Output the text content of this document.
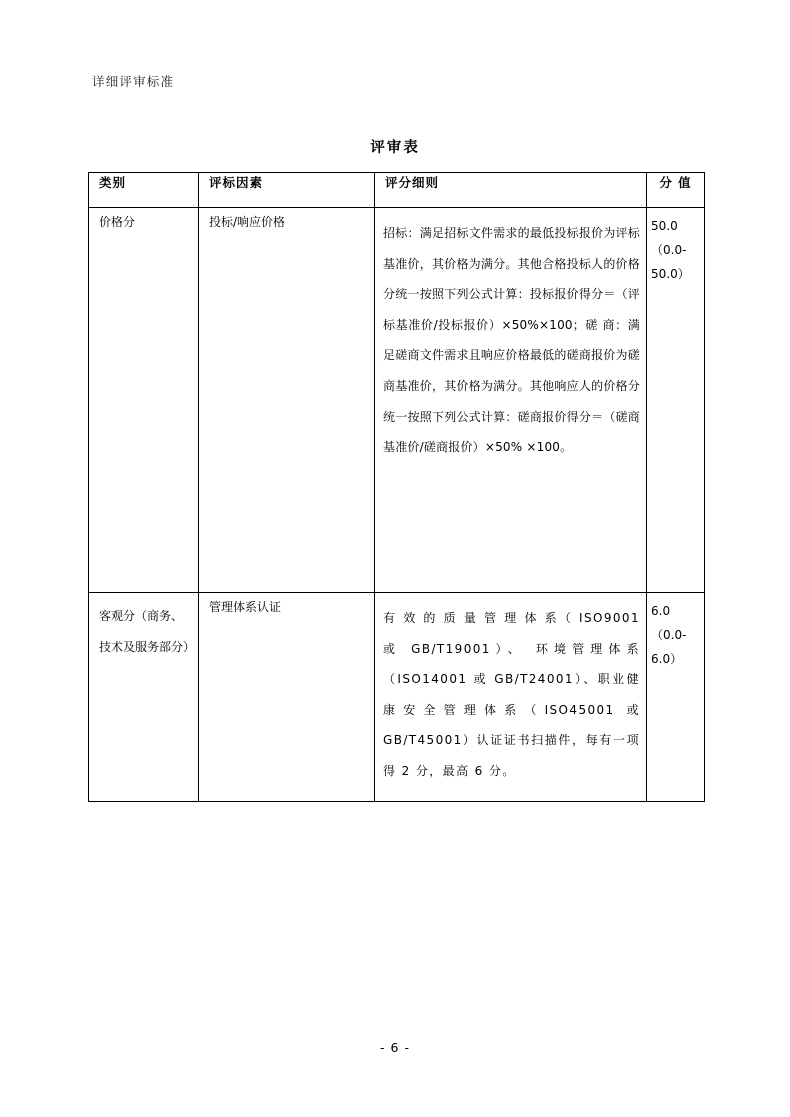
详细评审标准
评审表
类别	评标因素	评分细则	分 值

价格分	投标/响应价格	招标：满足招标文件需求的最低投标报价为评标基准价，其价格为满分。其他合格投标人的价格分统一按照下列公式计算：投标报价得分＝（评标基准价/投标报价）×50%×100；磋 商：满足磋商文件需求且响应价格最低的磋商报价为磋商基准价，其价格为满分。其他响应人的价格分统一按照下列公式计算：磋商报价得分＝（磋商基准价/磋商报价）×50% ×100。	50.0
（0.0-50.0）

客观分（商务、技术及服务部分）	管理体系认证	有 效 的 质 量 管 理 体 系（ ISO9001 或 GB/T19001）、 环境管理体系（ISO14001 或 GB/T24001）、职业健康安全管理体系（ISO45001 或 GB/T45001）认证证书扫描件，每有一项得 2 分，最高 6 分。	6.0
（0.0-6.0）
- 6 -
